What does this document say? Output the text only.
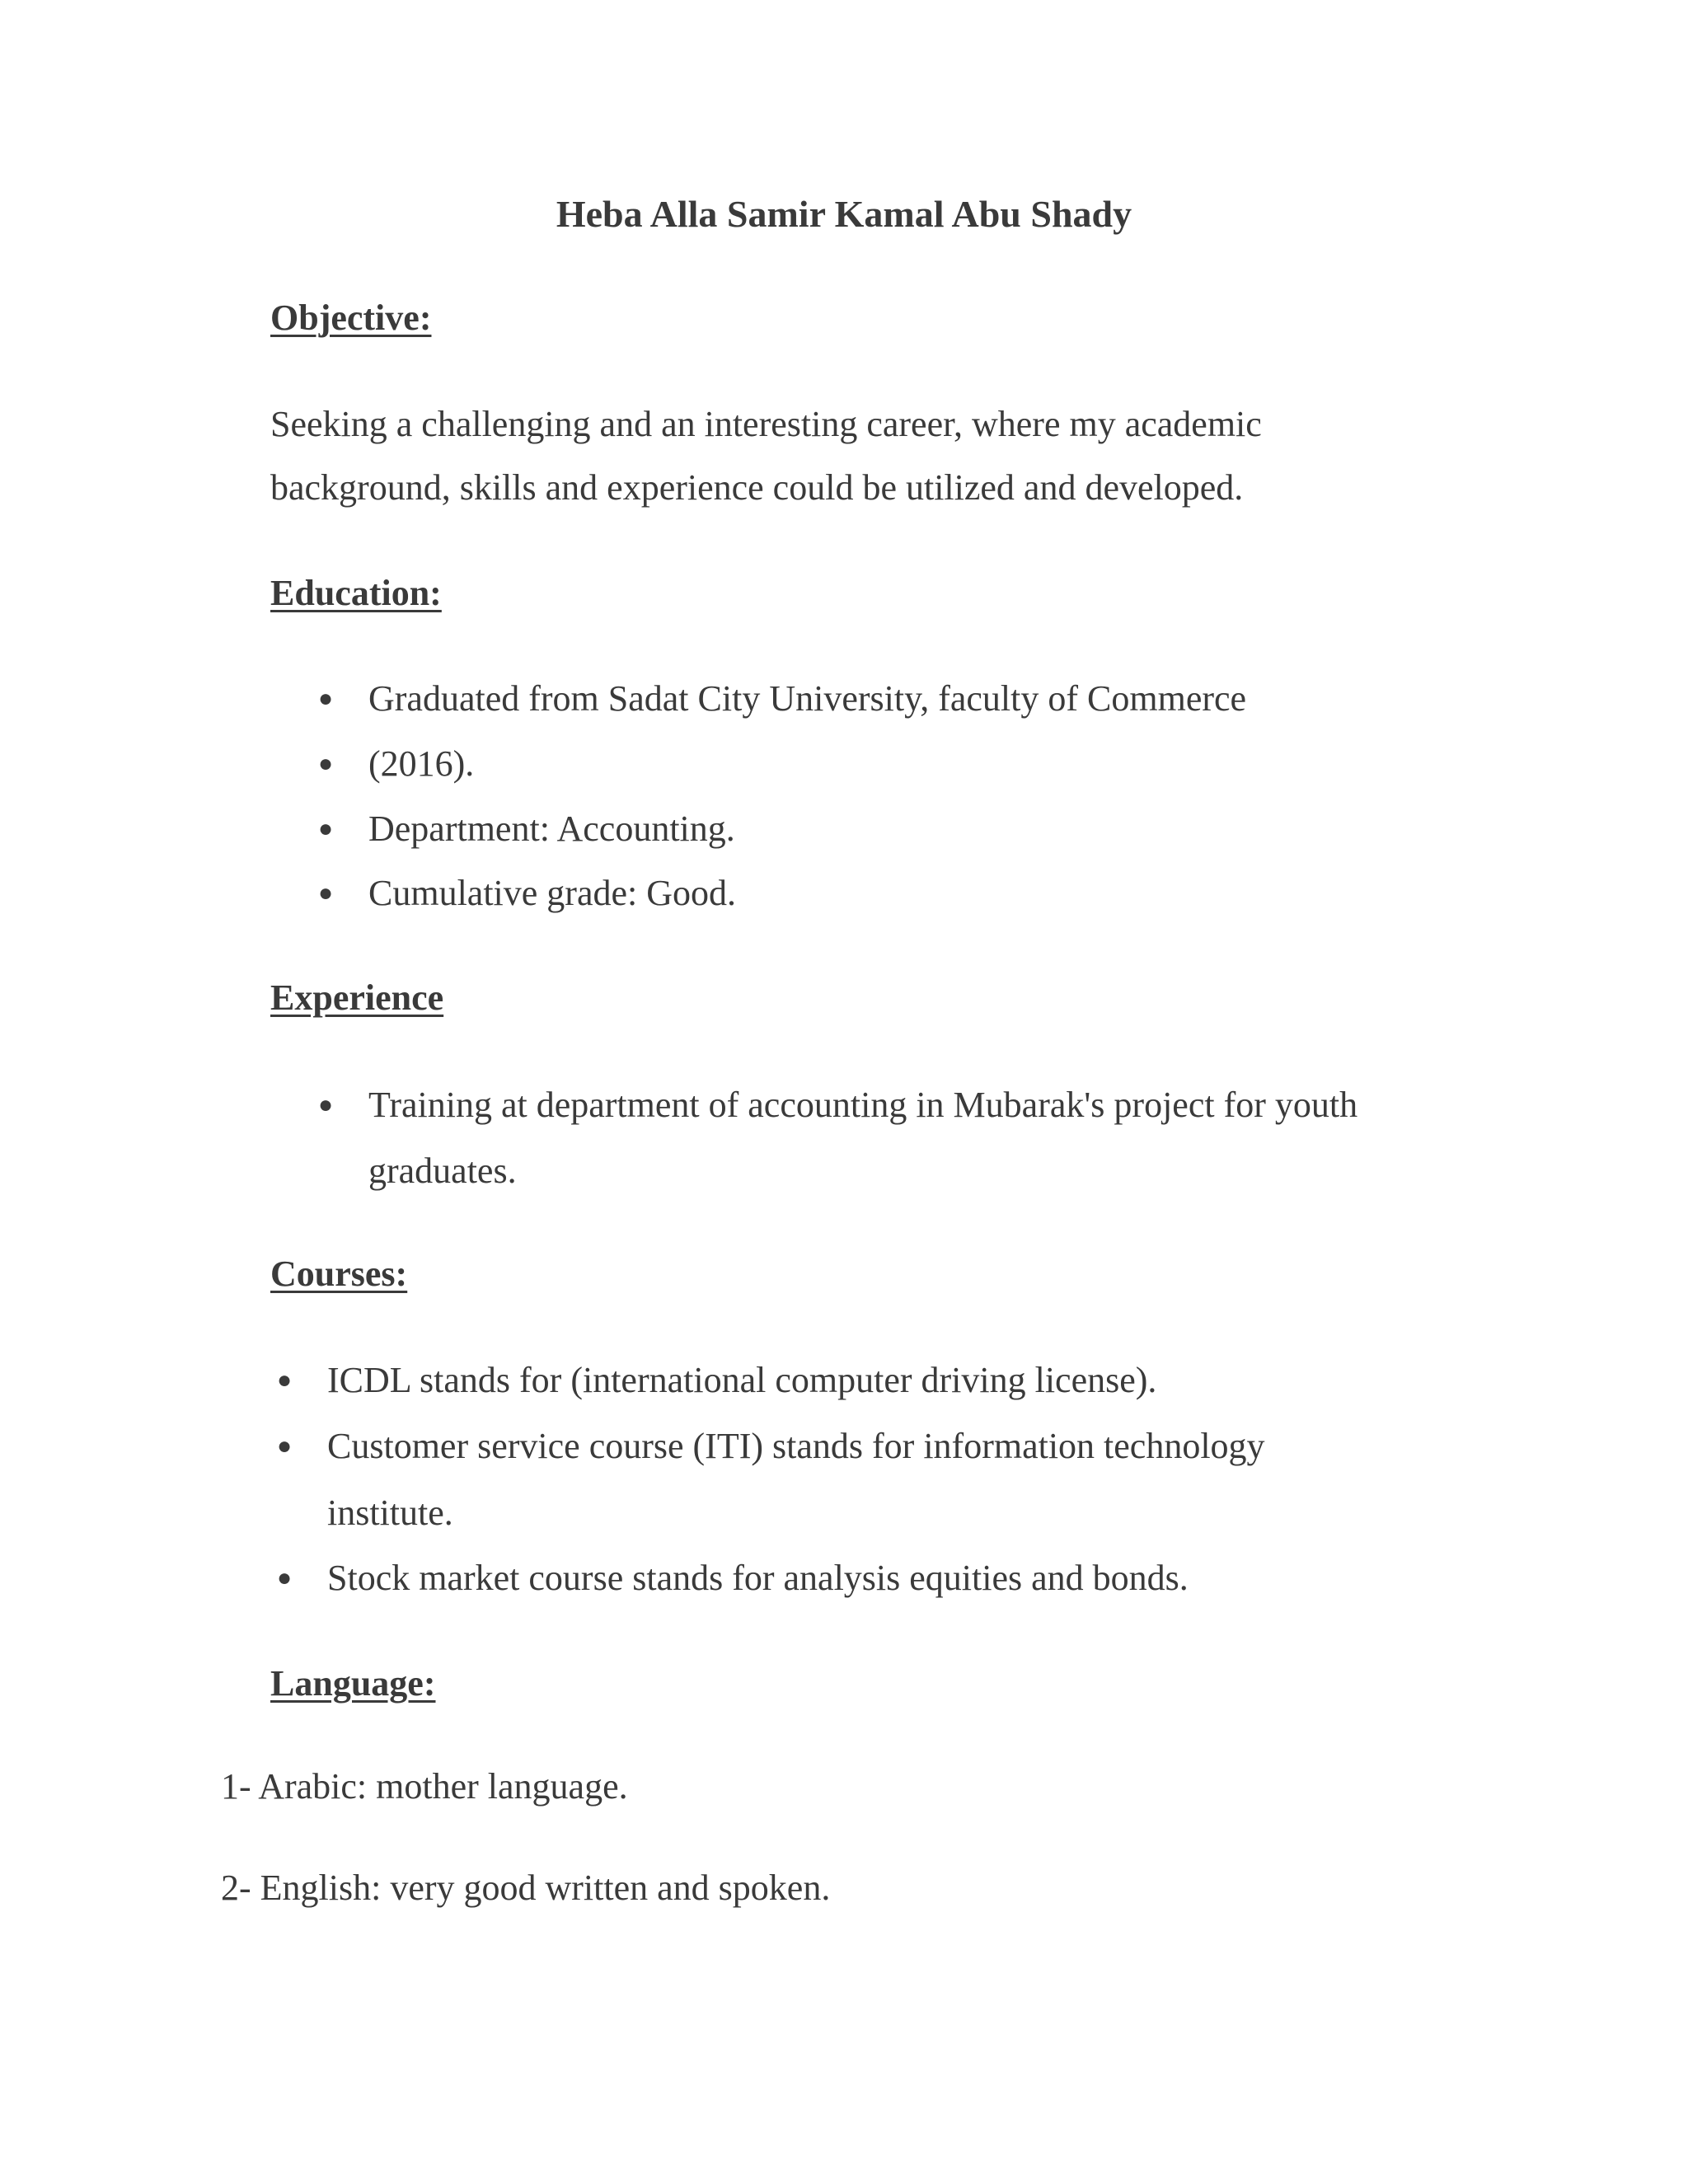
Heba Alla Samir Kamal Abu Shady
Objective:
Seeking a challenging and an interesting career, where my academic
background, skills and experience could be utilized and developed.
Education:
● Graduated from Sadat City University, faculty of Commerce
● (2016).
● Department: Accounting.
● Cumulative grade: Good.
Experience
● Training at department of accounting in Mubarak's project for youth
graduates.
Courses:
● ICDL stands for (international computer driving license).
● Customer service course (ITI) stands for information technology
institute.
● Stock market course stands for analysis equities and bonds.
Language:
1- Arabic: mother language.
2- English: very good written and spoken.
